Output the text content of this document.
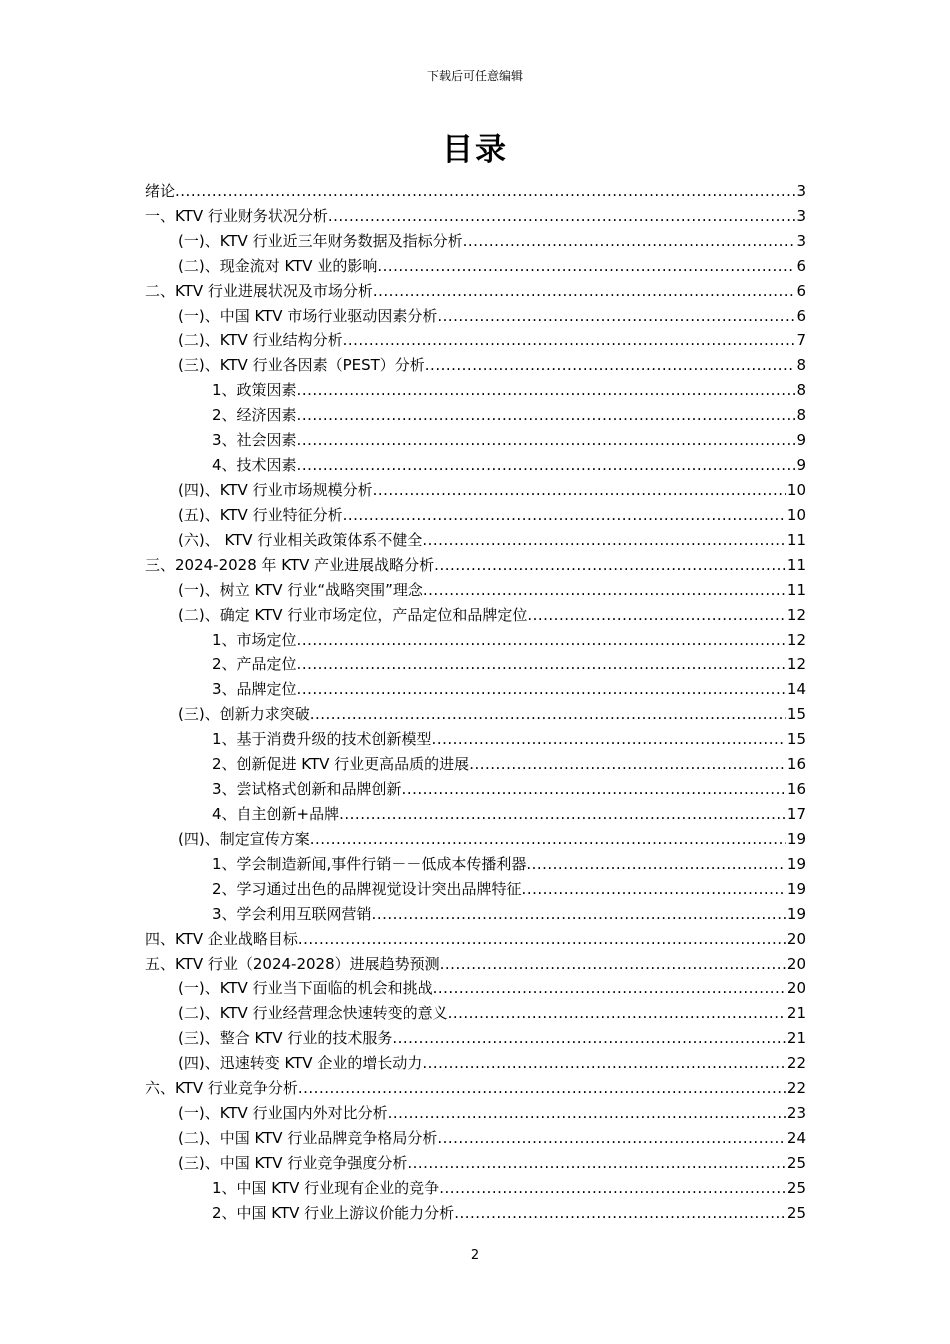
下载后可任意编辑
目录
绪论 .....	3
一、KTV 行业财务状况分析 .....	3
(一)、KTV 行业近三年财务数据及指标分析 .....	3
(二)、现金流对 KTV 业的影响 .....	6
二、KTV 行业进展状况及市场分析 .....	6
(一)、中国 KTV 市场行业驱动因素分析 .....	6
(二)、KTV 行业结构分析 .....	7
(三)、KTV 行业各因素（PEST）分析 .....	8
1、政策因素 .....	8
2、经济因素 .....	8
3、社会因素 .....	9
4、技术因素 .....	9
(四)、KTV 行业市场规模分析 .....	10
(五)、KTV 行业特征分析 .....	10
(六)、 KTV 行业相关政策体系不健全 .....	11
三、2024-2028 年 KTV 产业进展战略分析 .....	11
(一)、树立 KTV 行业“战略突围”理念 .....	11
(二)、确定 KTV 行业市场定位，产品定位和品牌定位 .....	12
1、市场定位 .....	12
2、产品定位 .....	12
3、品牌定位 .....	14
(三)、创新力求突破 .....	15
1、基于消费升级的技术创新模型 .....	15
2、创新促进 KTV 行业更高品质的进展 .....	16
3、尝试格式创新和品牌创新 .....	16
4、自主创新+品牌 .....	17
(四)、制定宣传方案 .....	19
1、学会制造新闻,事件行销－－低成本传播利器 .....	19
2、学习通过出色的品牌视觉设计突出品牌特征 .....	19
3、学会利用互联网营销 .....	19
四、KTV 企业战略目标 .....	20
五、KTV 行业（2024-2028）进展趋势预测 .....	20
(一)、KTV 行业当下面临的机会和挑战 .....	20
(二)、KTV 行业经营理念快速转变的意义 .....	21
(三)、整合 KTV 行业的技术服务 .....	21
(四)、迅速转变 KTV 企业的增长动力 .....	22
六、KTV 行业竞争分析 .....	22
(一)、KTV 行业国内外对比分析 .....	23
(二)、中国 KTV 行业品牌竞争格局分析 .....	24
(三)、中国 KTV 行业竞争强度分析 .....	25
1、中国 KTV 行业现有企业的竞争 .....	25
2、中国 KTV 行业上游议价能力分析 .....	25
2
